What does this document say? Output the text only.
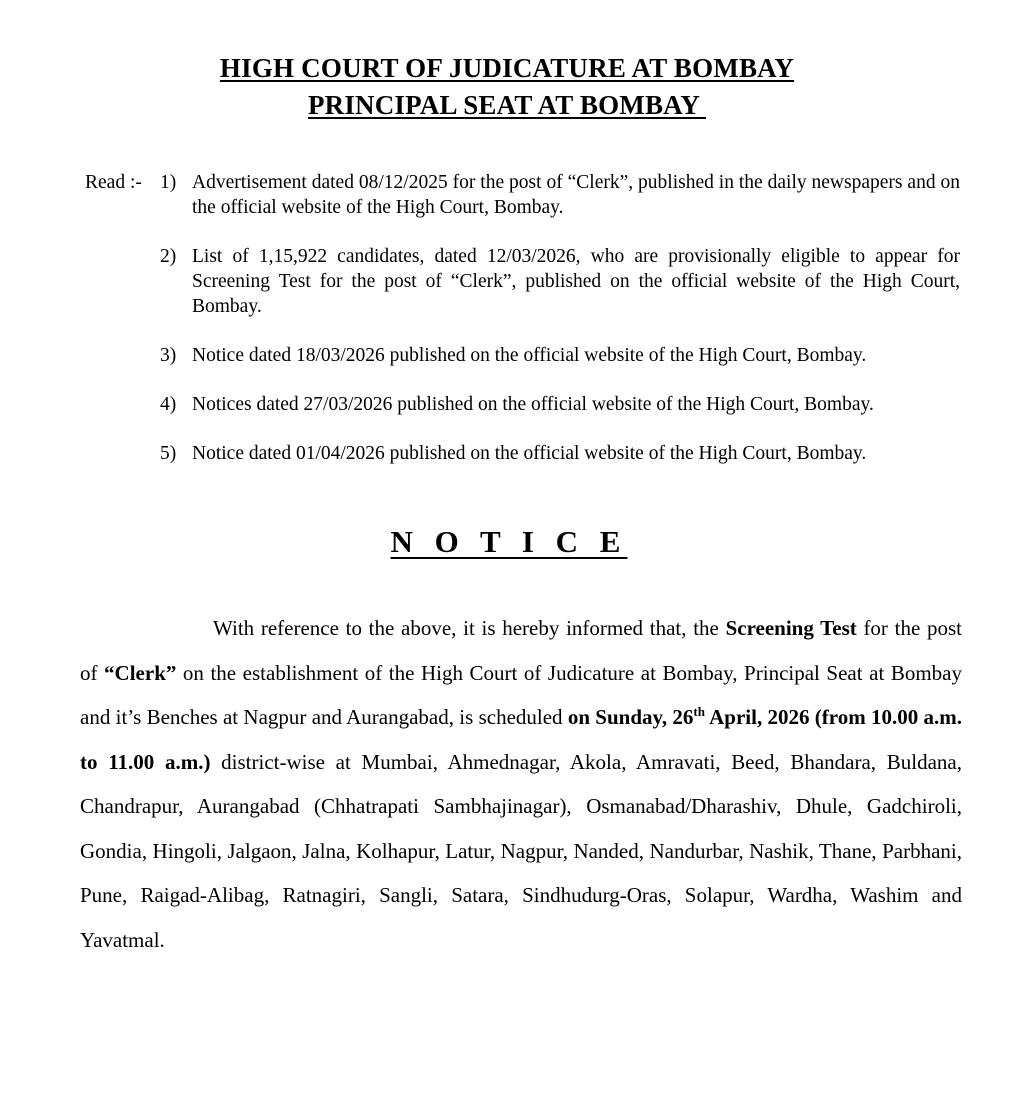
HIGH COURT OF JUDICATURE AT BOMBAY
PRINCIPAL SEAT AT BOMBAY
Read :- 1) Advertisement dated 08/12/2025 for the post of “Clerk”, published in the daily newspapers and on the official website of the High Court, Bombay.
2) List of 1,15,922 candidates, dated 12/03/2026, who are provisionally eligible to appear for Screening Test for the post of “Clerk”, published on the official website of the High Court, Bombay.
3) Notice dated 18/03/2026 published on the official website of the High Court, Bombay.
4) Notices dated 27/03/2026 published on the official website of the High Court, Bombay.
5) Notice dated 01/04/2026 published on the official website of the High Court, Bombay.
N O T I C E

With reference to the above, it is hereby informed that, the Screening Test for the post of “Clerk” on the establishment of the High Court of Judicature at Bombay, Principal Seat at Bombay and it’s Benches at Nagpur and Aurangabad, is scheduled on Sunday, 26th April, 2026 (from 10.00 a.m. to 11.00 a.m.) district-wise at Mumbai, Ahmednagar, Akola, Amravati, Beed, Bhandara, Buldana, Chandrapur, Aurangabad (Chhatrapati Sambhajinagar), Osmanabad/Dharashiv, Dhule, Gadchiroli, Gondia, Hingoli, Jalgaon, Jalna, Kolhapur, Latur, Nagpur, Nanded, Nandurbar, Nashik, Thane, Parbhani, Pune, Raigad-Alibag, Ratnagiri, Sangli, Satara, Sindhudurg-Oras, Solapur, Wardha, Washim and Yavatmal.
